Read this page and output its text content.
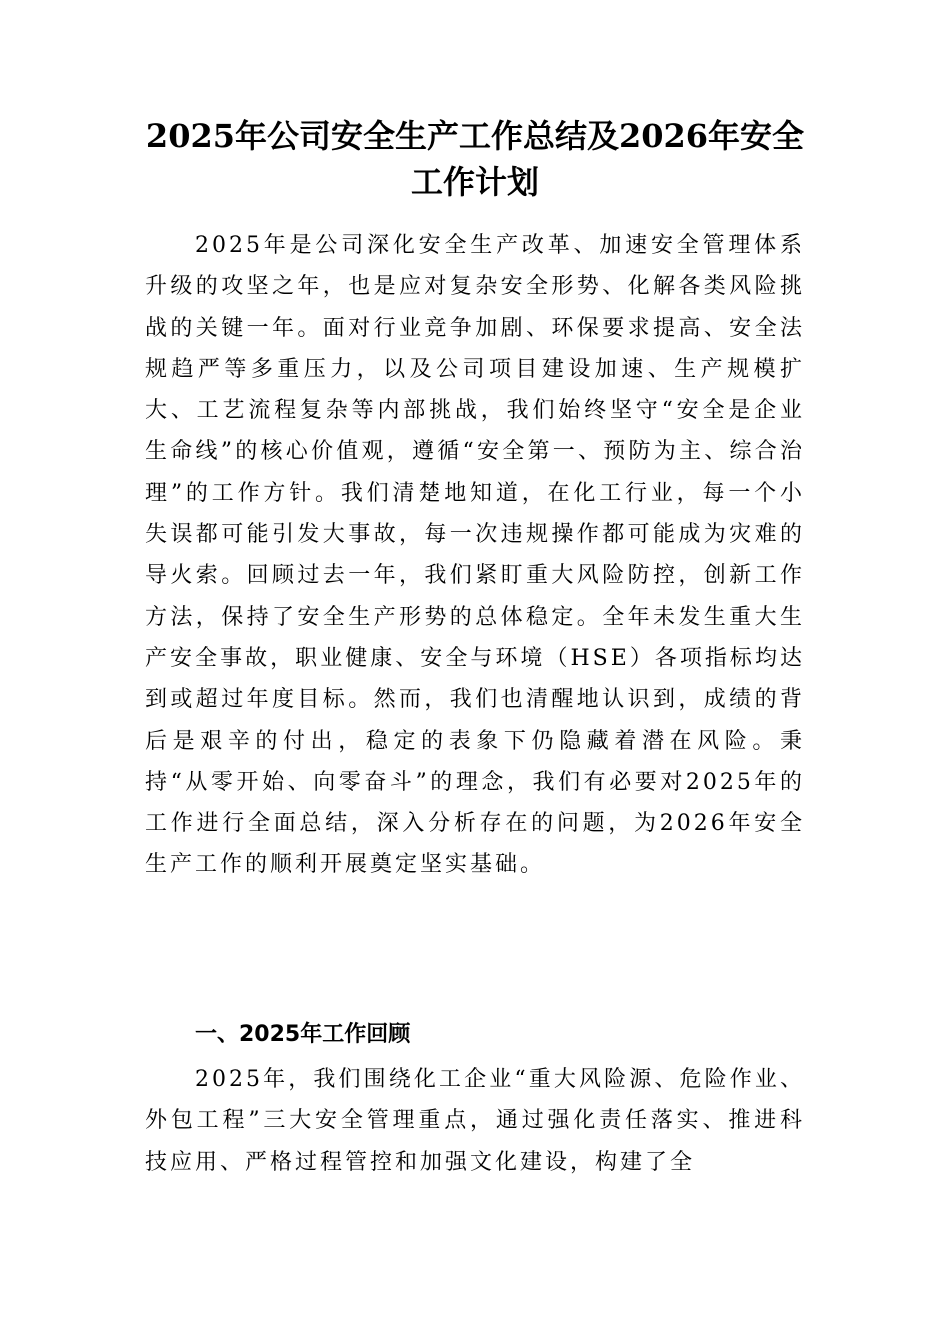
2025年公司安全生产工作总结及2026年安全工作计划

2025年是公司深化安全生产改革、加速安全管理体系升级的攻坚之年，也是应对复杂安全形势、化解各类风险挑战的关键一年。面对行业竞争加剧、环保要求提高、安全法规趋严等多重压力，以及公司项目建设加速、生产规模扩大、工艺流程复杂等内部挑战，我们始终坚守“安全是企业生命线”的核心价值观，遵循“安全第一、预防为主、综合治理”的工作方针。我们清楚地知道，在化工行业，每一个小失误都可能引发大事故，每一次违规操作都可能成为灾难的导火索。回顾过去一年，我们紧盯重大风险防控，创新工作方法，保持了安全生产形势的总体稳定。全年未发生重大生产安全事故，职业健康、安全与环境（HSE）各项指标均达到或超过年度目标。然而，我们也清醒地认识到，成绩的背后是艰辛的付出，稳定的表象下仍隐藏着潜在风险。秉持“从零开始、向零奋斗”的理念，我们有必要对2025年的工作进行全面总结，深入分析存在的问题，为2026年安全生产工作的顺利开展奠定坚实基础。

一、2025年工作回顾

2025年，我们围绕化工企业“重大风险源、危险作业、外包工程”三大安全管理重点，通过强化责任落实、推进科技应用、严格过程管控和加强文化建设，构建了全
